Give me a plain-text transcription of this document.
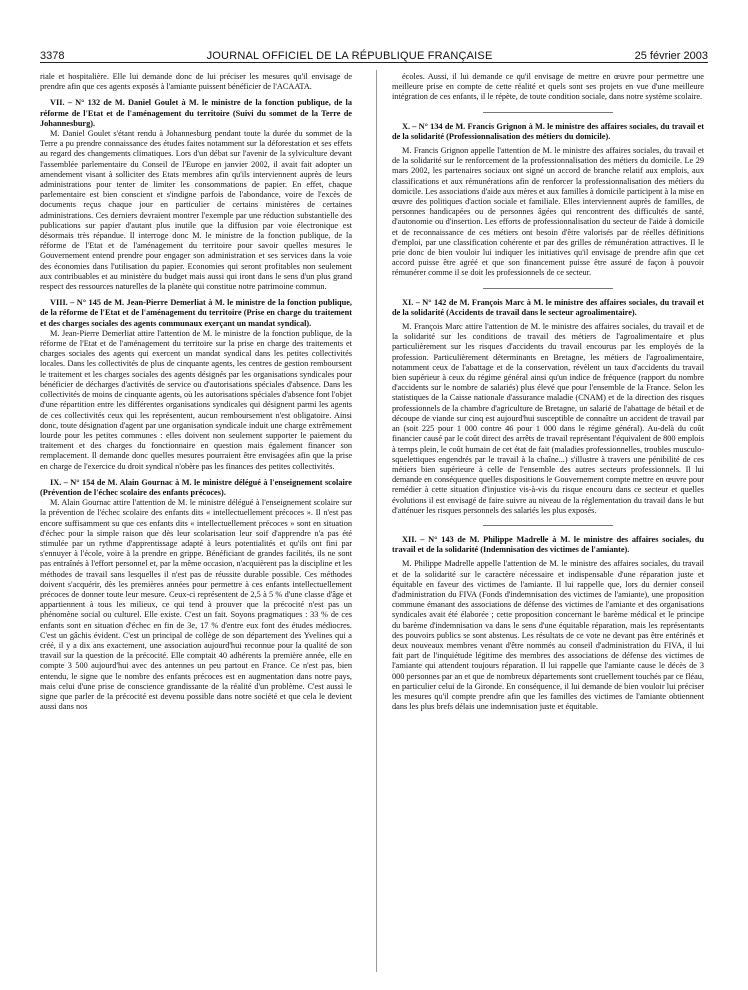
3378	JOURNAL OFFICIEL DE LA RÉPUBLIQUE FRANÇAISE	25 février 2003

riale et hospitalière. Elle lui demande donc de lui préciser les mesures qu'il envisage de prendre afin que ces agents exposés à l'amiante puissent bénéficier de l'ACAATA.

VII. – N° 132 de M. Daniel Goulet à M. le ministre de la fonction publique, de la réforme de l'Etat et de l'aménagement du territoire (Suivi du sommet de la Terre de Johannesburg).

M. Daniel Goulet s'étant rendu à Johannesburg pendant toute la durée du sommet de la Terre a pu prendre connaissance des études faites notamment sur la déforestation et ses effets au regard des changements climatiques. Lors d'un débat sur l'avenir de la sylviculture devant l'assemblée parlementaire du Conseil de l'Europe en janvier 2002, il avait fait adopter un amendement visant à solliciter des Etats membres afin qu'ils interviennent auprès de leurs administrations pour tenter de limiter les consommations de papier. En effet, chaque parlementaire est bien conscient et s'indigne parfois de l'abondance, voire de l'excès de documents reçus chaque jour en particulier de certains ministères de certaines administrations. Ces derniers devraient montrer l'exemple par une réduction substantielle des publications sur papier d'autant plus inutile que la diffusion par voie électronique est désormais très répandue. Il interroge donc M. le ministre de la fonction publique, de la réforme de l'Etat et de l'aménagement du territoire pour savoir quelles mesures le Gouvernement entend prendre pour engager son administration et ses services dans la voie des économies dans l'utilisation du papier. Economies qui seront profitables non seulement aux contribuables et au ministère du budget mais aussi qui iront dans le sens d'un plus grand respect des ressources naturelles de la planète qui constitue notre patrimoine commun.

VIII. – N° 145 de M. Jean-Pierre Demerliat à M. le ministre de la fonction publique, de la réforme de l'Etat et de l'aménagement du territoire (Prise en charge du traitement et des charges sociales des agents communaux exerçant un mandat syndical).

M. Jean-Pierre Demerliat attire l'attention de M. le ministre de la fonction publique, de la réforme de l'Etat et de l'aménagement du territoire sur la prise en charge des traitements et charges sociales des agents qui exercent un mandat syndical dans les petites collectivités locales. Dans les collectivités de plus de cinquante agents, les centres de gestion remboursent le traitement et les charges sociales des agents désignés par les organisations syndicales pour bénéficier de décharges d'activités de service ou d'autorisations spéciales d'absence. Dans les collectivités de moins de cinquante agents, où les autorisations spéciales d'absence font l'objet d'une répartition entre les différentes organisations syndicales qui désignent parmi les agents de ces collectivités ceux qui les représentent, aucun remboursement n'est obligatoire. Ainsi donc, toute désignation d'agent par une organisation syndicale induit une charge extrêmement lourde pour les petites communes : elles doivent non seulement supporter le paiement du traitement et des charges du fonctionnaire en question mais également financer son remplacement. Il demande donc quelles mesures pourraient être envisagées afin que la prise en charge de l'exercice du droit syndical n'obère pas les finances des petites collectivités.

IX. – N° 154 de M. Alain Gournac à M. le ministre délégué à l'enseignement scolaire (Prévention de l'échec scolaire des enfants précoces).

M. Alain Gournac attire l'attention de M. le ministre délégué à l'enseignement scolaire sur la prévention de l'échec scolaire des enfants dits « intellectuellement précoces ». Il n'est pas encore suffisamment su que ces enfants dits « intellectuellement précoces » sont en situation d'échec pour la simple raison que dès leur scolarisation leur soif d'apprendre n'a pas été stimulée par un rythme d'apprentissage adapté à leurs potentialités et qu'ils ont fini par s'ennuyer à l'école, voire à la prendre en grippe. Bénéficiant de grandes facilités, ils ne sont pas entraînés à l'effort personnel et, par la même occasion, n'acquièrent pas la discipline et les méthodes de travail sans lesquelles il n'est pas de réussite durable possible. Ces méthodes doivent s'acquérir, dès les premières années pour permettre à ces enfants intellectuellement précoces de donner toute leur mesure. Ceux-ci représentent de 2,5 à 5 % d'une classe d'âge et appartiennent à tous les milieux, ce qui tend à prouver que la précocité n'est pas un phénomène social ou culturel. Elle existe. C'est un fait. Soyons pragmatiques : 33 % de ces enfants sont en situation d'échec en fin de 3e, 17 % d'entre eux font des études médiocres. C'est un gâchis évident. C'est un principal de collège de son département des Yvelines qui a créé, il y a dix ans exactement, une association aujourd'hui reconnue pour la qualité de son travail sur la question de la précocité. Elle comptait 40 adhérents la première année, elle en compte 3 500 aujourd'hui avec des antennes un peu partout en France. Ce n'est pas, bien entendu, le signe que le nombre des enfants précoces est en augmentation dans notre pays, mais celui d'une prise de conscience grandissante de la réalité d'un problème. C'est aussi le signe que parler de la précocité est devenu possible dans notre société et que cela le devient aussi dans nos

écoles. Aussi, il lui demande ce qu'il envisage de mettre en œuvre pour permettre une meilleure prise en compte de cette réalité et quels sont ses projets en vue d'une meilleure intégration de ces enfants, il le répète, de toute condition sociale, dans notre système scolaire.

X. – N° 134 de M. Francis Grignon à M. le ministre des affaires sociales, du travail et de la solidarité (Professionnalisation des métiers du domicile).

M. Francis Grignon appelle l'attention de M. le ministre des affaires sociales, du travail et de la solidarité sur le renforcement de la professionnalisation des métiers du domicile. Le 29 mars 2002, les partenaires sociaux ont signé un accord de branche relatif aux emplois, aux classifications et aux rémunérations afin de renforcer la professionnalisation des métiers du domicile. Les associations d'aide aux mères et aux familles à domicile participent à la mise en œuvre des politiques d'action sociale et familiale. Elles interviennent auprès de familles, de personnes handicapées ou de personnes âgées qui rencontrent des difficultés de santé, d'autonomie ou d'insertion. Les efforts de professionnalisation du secteur de l'aide à domicile et de reconnaissance de ces métiers ont besoin d'être valorisés par de réelles définitions d'emploi, par une classification cohérente et par des grilles de rémunération attractives. Il le prie donc de bien vouloir lui indiquer les initiatives qu'il envisage de prendre afin que cet accord puisse être agréé et que son financement puisse être assuré de façon à pouvoir rémunérer comme il se doit les professionnels de ce secteur.

XI. – N° 142 de M. François Marc à M. le ministre des affaires sociales, du travail et de la solidarité (Accidents de travail dans le secteur agroalimentaire).

M. François Marc attire l'attention de M. le ministre des affaires sociales, du travail et de la solidarité sur les conditions de travail des métiers de l'agroalimentaire et plus particulièrement sur les risques d'accidents du travail encourus par les employés de la profession. Particulièrement déterminants en Bretagne, les métiers de l'agroalimentaire, notamment ceux de l'abattage et de la conservation, révèlent un taux d'accidents du travail bien supérieur à ceux du régime général ainsi qu'un indice de fréquence (rapport du nombre d'accidents sur le nombre de salariés) plus élevé que pour l'ensemble de la France. Selon les statistiques de la Caisse nationale d'assurance maladie (CNAM) et de la direction des risques professionnels de la chambre d'agriculture de Bretagne, un salarié de l'abattage de bétail et de découpe de viande sur cinq est aujourd'hui susceptible de connaître un accident de travail par an (soit 225 pour 1 000 contre 46 pour 1 000 dans le régime général). Au-delà du coût financier causé par le coût direct des arrêts de travail représentant l'équivalent de 800 emplois à temps plein, le coût humain de cet état de fait (maladies professionnelles, troubles musculo-squelettiques engendrés par le travail à la chaîne...) s'illustre à travers une pénibilité de ces métiers bien supérieure à celle de l'ensemble des autres secteurs professionnels. Il lui demande en conséquence quelles dispositions le Gouvernement compte mettre en œuvre pour remédier à cette situation d'injustice vis-à-vis du risque encouru dans ce secteur et quelles évolutions il est envisagé de faire suivre au niveau de la réglementation du travail dans le but d'atténuer les risques personnels des salariés les plus exposés.

XII. – N° 143 de M. Philippe Madrelle à M. le ministre des affaires sociales, du travail et de la solidarité (Indemnisation des victimes de l'amiante).

M. Philippe Madrelle appelle l'attention de M. le ministre des affaires sociales, du travail et de la solidarité sur le caractère nécessaire et indispensable d'une réparation juste et équitable en faveur des victimes de l'amiante. Il lui rappelle que, lors du dernier conseil d'administration du FIVA (Fonds d'indemnisation des victimes de l'amiante), une proposition commune émanant des associations de défense des victimes de l'amiante et des organisations syndicales avait été élaborée ; cette proposition concernant le barème médical et le principe du barème d'indemnisation va dans le sens d'une équitable réparation, mais les représentants des pouvoirs publics se sont abstenus. Les résultats de ce vote ne devant pas être entérinés et deux nouveaux membres venant d'être nommés au conseil d'administration du FIVA, il lui fait part de l'inquiétude légitime des membres des associations de défense des victimes de l'amiante qui attendent toujours réparation. Il lui rappelle que l'amiante cause le décès de 3 000 personnes par an et que de nombreux départements sont cruellement touchés par ce fléau, en particulier celui de la Gironde. En conséquence, il lui demande de bien vouloir lui préciser les mesures qu'il compte prendre afin que les familles des victimes de l'amiante obtiennent dans les plus brefs délais une indemnisation juste et équitable.
